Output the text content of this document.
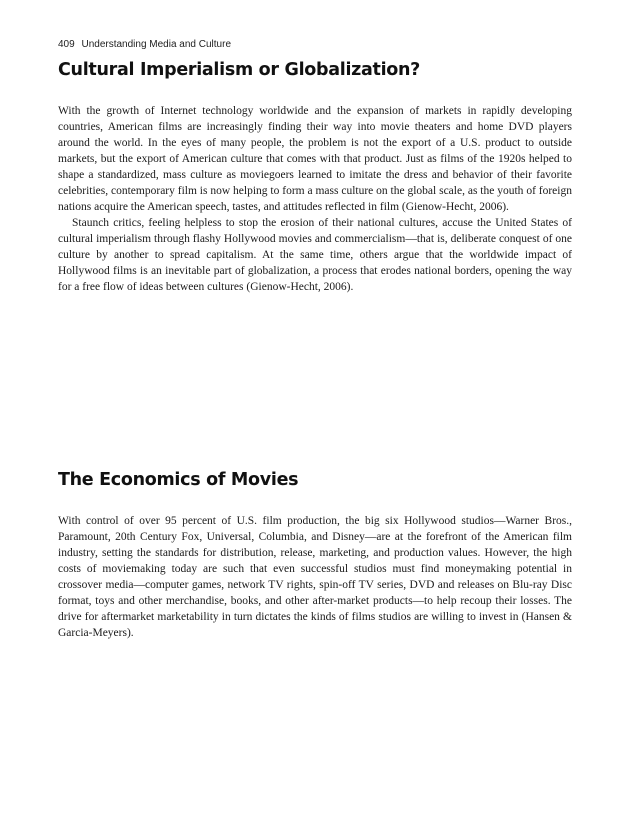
409 Understanding Media and Culture
Cultural Imperialism or Globalization?

With the growth of Internet technology worldwide and the expansion of markets in rapidly developing countries, American films are increasingly finding their way into movie theaters and home DVD players around the world. In the eyes of many people, the problem is not the export of a U.S. product to outside markets, but the export of American culture that comes with that product. Just as films of the 1920s helped to shape a standardized, mass culture as moviegoers learned to imitate the dress and behavior of their favorite celebrities, contemporary film is now helping to form a mass culture on the global scale, as the youth of foreign nations acquire the American speech, tastes, and attitudes reflected in film (Gienow-Hecht, 2006).

Staunch critics, feeling helpless to stop the erosion of their national cultures, accuse the United States of cultural imperialism through flashy Hollywood movies and commercialism—that is, deliberate conquest of one culture by another to spread capitalism. At the same time, others argue that the worldwide impact of Hollywood films is an inevitable part of globalization, a process that erodes national borders, opening the way for a free flow of ideas between cultures (Gienow-Hecht, 2006).

The Economics of Movies

With control of over 95 percent of U.S. film production, the big six Hollywood studios—Warner Bros., Paramount, 20th Century Fox, Universal, Columbia, and Disney—are at the forefront of the American film industry, setting the standards for distribution, release, marketing, and production values. However, the high costs of moviemaking today are such that even successful studios must find moneymaking potential in crossover media—computer games, network TV rights, spin-off TV series, DVD and releases on Blu-ray Disc format, toys and other merchandise, books, and other after-market products—to help recoup their losses. The drive for aftermarket marketability in turn dictates the kinds of films studios are willing to invest in (Hansen & Garcia-Meyers).
